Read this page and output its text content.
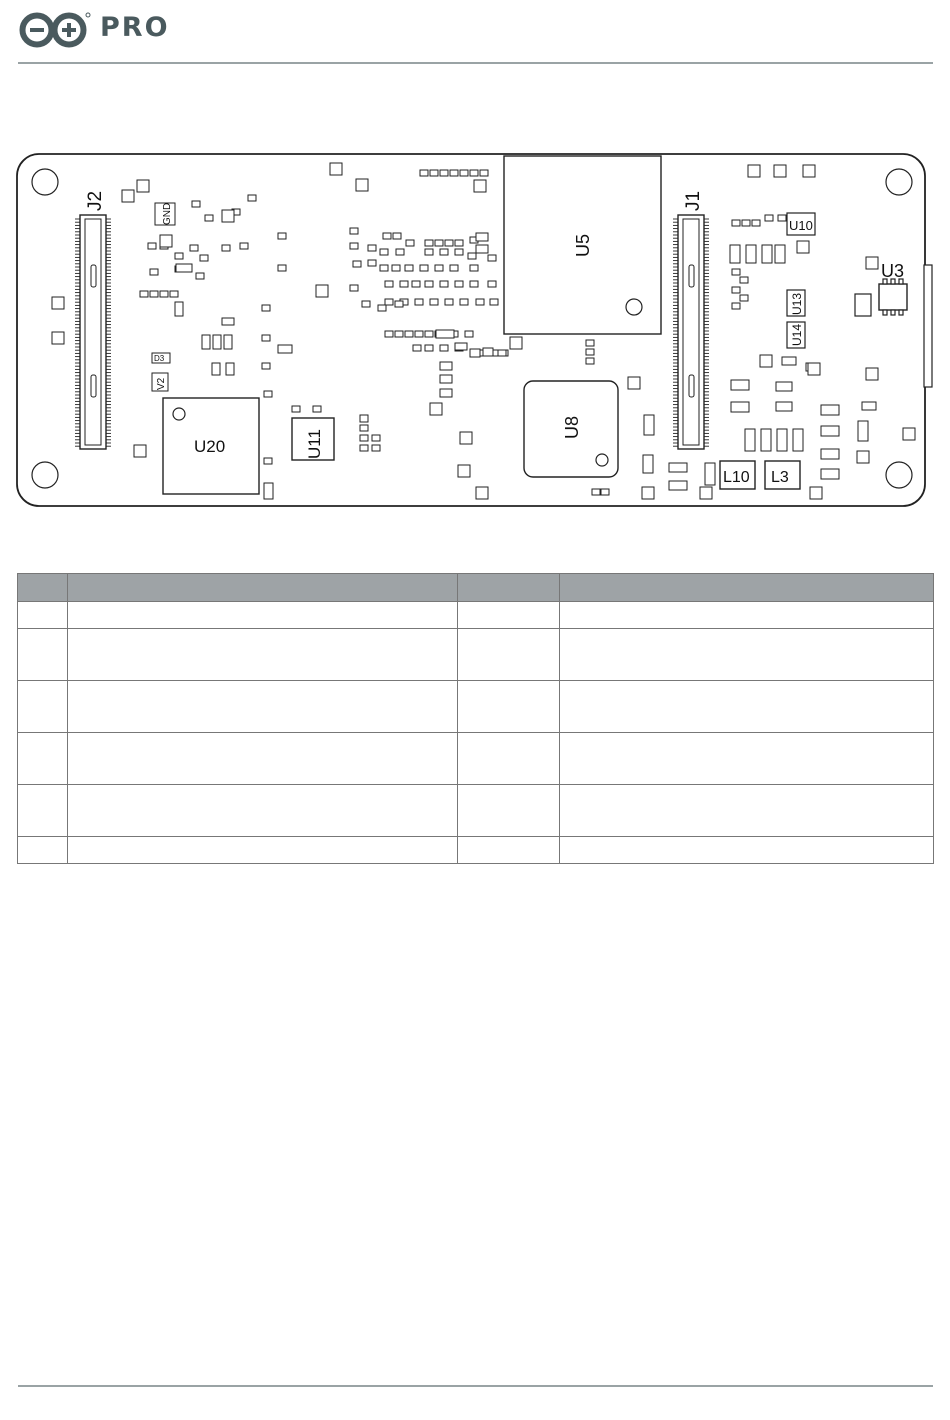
PRO
J2	J1
U5
U8
U20	U11
U3
U10
U13
U14
L10 L3
GND
D3
V2
